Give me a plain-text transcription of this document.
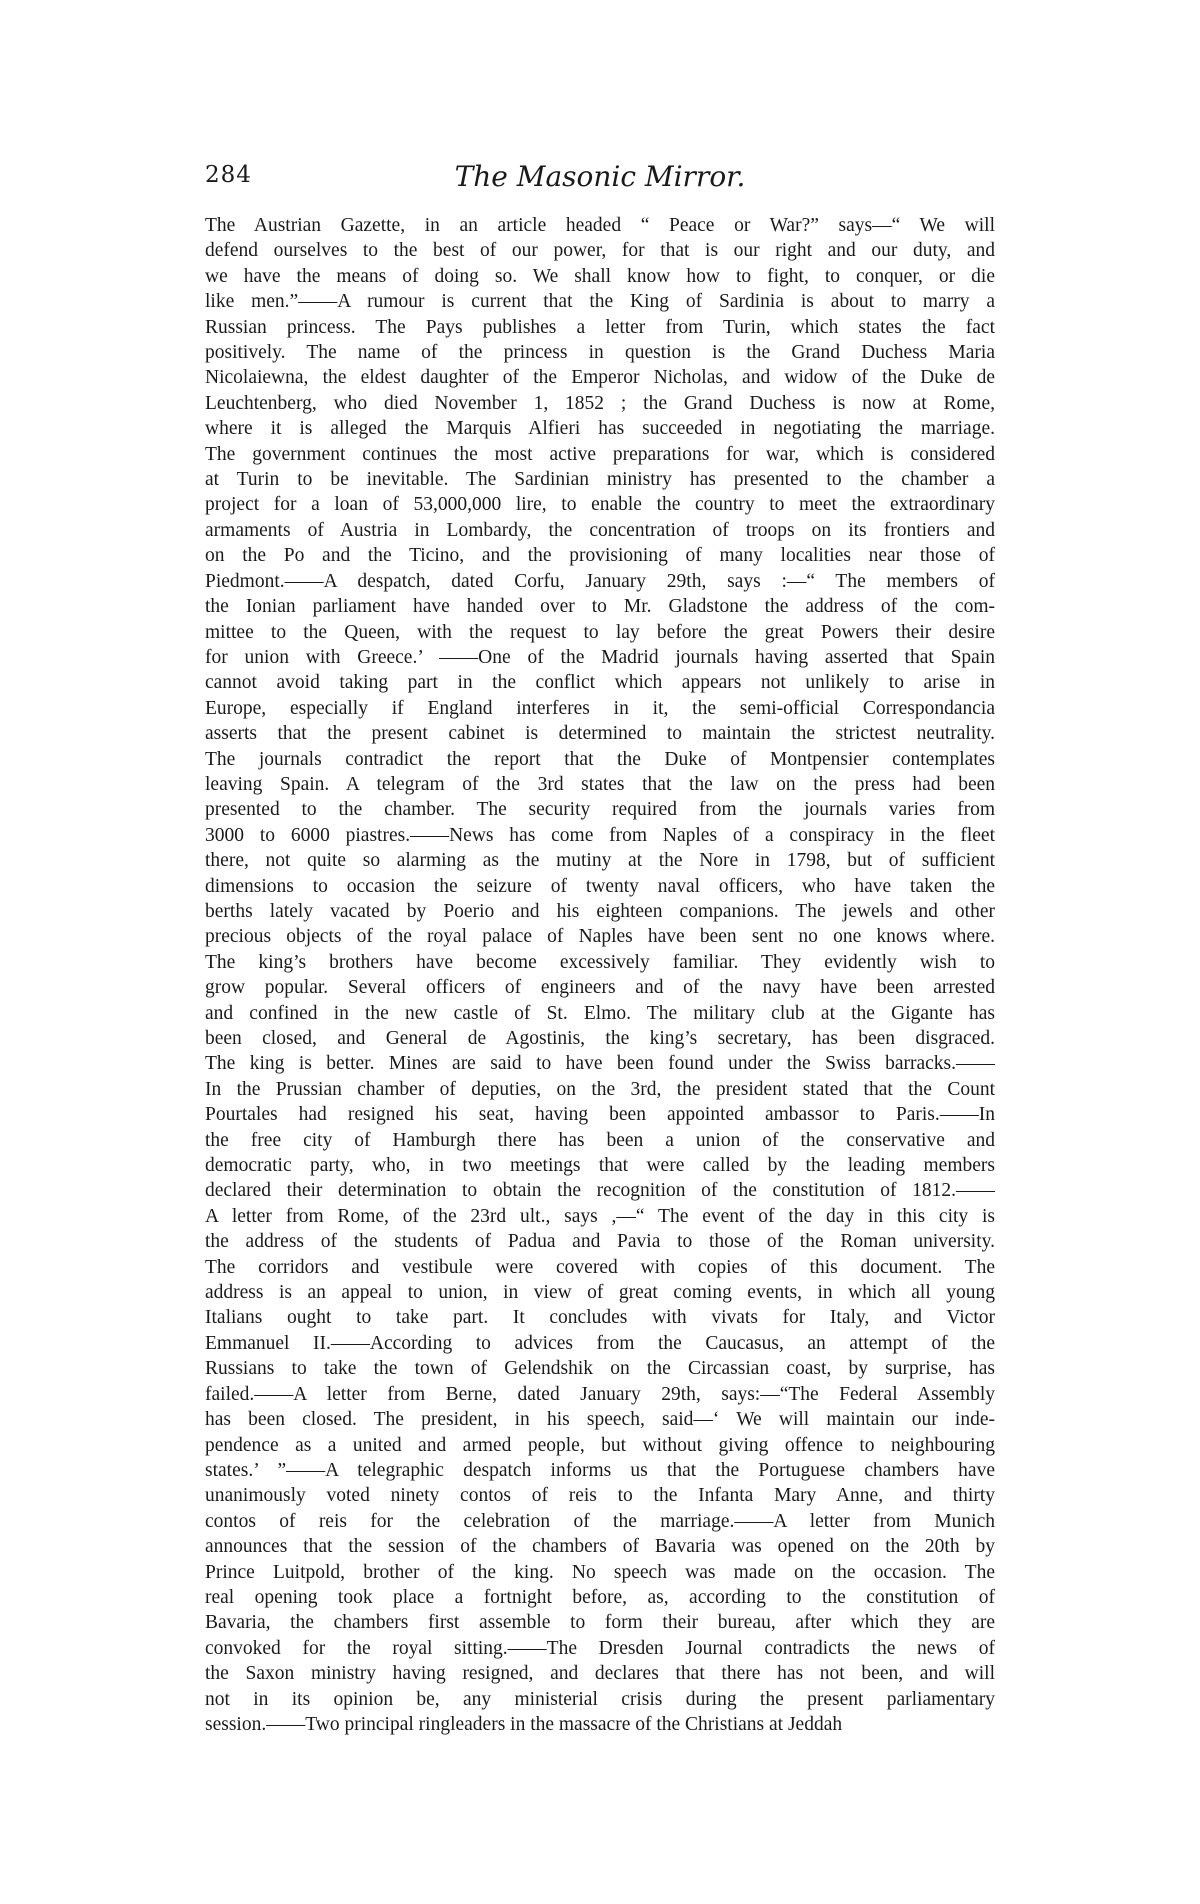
284	The Masonic Mirror.
The Austrian Gazette, in an article headed “ Peace or War?” says—“ We will
defend ourselves to the best of our power, for that is our right and our duty, and
we have the means of doing so. We shall know how to fight, to conquer, or die
like men.”——A rumour is current that the King of Sardinia is about to marry a
Russian princess. The Pays publishes a letter from Turin, which states the fact
positively. The name of the princess in question is the Grand Duchess Maria
Nicolaiewna, the eldest daughter of the Emperor Nicholas, and widow of the Duke de
Leuchtenberg, who died November 1, 1852 ; the Grand Duchess is now at Rome,
where it is alleged the Marquis Alfieri has succeeded in negotiating the marriage.
The government continues the most active preparations for war, which is considered
at Turin to be inevitable. The Sardinian ministry has presented to the chamber a
project for a loan of 53,000,000 lire, to enable the country to meet the extraordinary
armaments of Austria in Lombardy, the concentration of troops on its frontiers and
on the Po and the Ticino, and the provisioning of many localities near those of
Piedmont.——A despatch, dated Corfu, January 29th, says :—“ The members of
the Ionian parliament have handed over to Mr. Gladstone the address of the com-
mittee to the Queen, with the request to lay before the great Powers their desire
for union with Greece.’ ——One of the Madrid journals having asserted that Spain
cannot avoid taking part in the conflict which appears not unlikely to arise in
Europe, especially if England interferes in it, the semi-official Correspondancia
asserts that the present cabinet is determined to maintain the strictest neutrality.
The journals contradict the report that the Duke of Montpensier contemplates
leaving Spain. A telegram of the 3rd states that the law on the press had been
presented to the chamber. The security required from the journals varies from
3000 to 6000 piastres.——News has come from Naples of a conspiracy in the fleet
there, not quite so alarming as the mutiny at the Nore in 1798, but of sufficient
dimensions to occasion the seizure of twenty naval officers, who have taken the
berths lately vacated by Poerio and his eighteen companions. The jewels and other
precious objects of the royal palace of Naples have been sent no one knows where.
The king’s brothers have become excessively familiar. They evidently wish to
grow popular. Several officers of engineers and of the navy have been arrested
and confined in the new castle of St. Elmo. The military club at the Gigante has
been closed, and General de Agostinis, the king’s secretary, has been disgraced.
The king is better. Mines are said to have been found under the Swiss barracks.——
In the Prussian chamber of deputies, on the 3rd, the president stated that the Count
Pourtales had resigned his seat, having been appointed ambassor to Paris.——In
the free city of Hamburgh there has been a union of the conservative and
democratic party, who, in two meetings that were called by the leading members
declared their determination to obtain the recognition of the constitution of 1812.——
A letter from Rome, of the 23rd ult., says ,—“ The event of the day in this city is
the address of the students of Padua and Pavia to those of the Roman university.
The corridors and vestibule were covered with copies of this document. The
address is an appeal to union, in view of great coming events, in which all young
Italians ought to take part. It concludes with vivats for Italy, and Victor
Emmanuel II.——According to advices from the Caucasus, an attempt of the
Russians to take the town of Gelendshik on the Circassian coast, by surprise, has
failed.——A letter from Berne, dated January 29th, says:—“The Federal Assembly
has been closed. The president, in his speech, said—‘ We will maintain our inde-
pendence as a united and armed people, but without giving offence to neighbouring
states.’ ”——A telegraphic despatch informs us that the Portuguese chambers have
unanimously voted ninety contos of reis to the Infanta Mary Anne, and thirty
contos of reis for the celebration of the marriage.——A letter from Munich
announces that the session of the chambers of Bavaria was opened on the 20th by
Prince Luitpold, brother of the king. No speech was made on the occasion. The
real opening took place a fortnight before, as, according to the constitution of
Bavaria, the chambers first assemble to form their bureau, after which they are
convoked for the royal sitting.——The Dresden Journal contradicts the news of
the Saxon ministry having resigned, and declares that there has not been, and will
not in its opinion be, any ministerial crisis during the present parliamentary
session.——Two principal ringleaders in the massacre of the Christians at Jeddah
